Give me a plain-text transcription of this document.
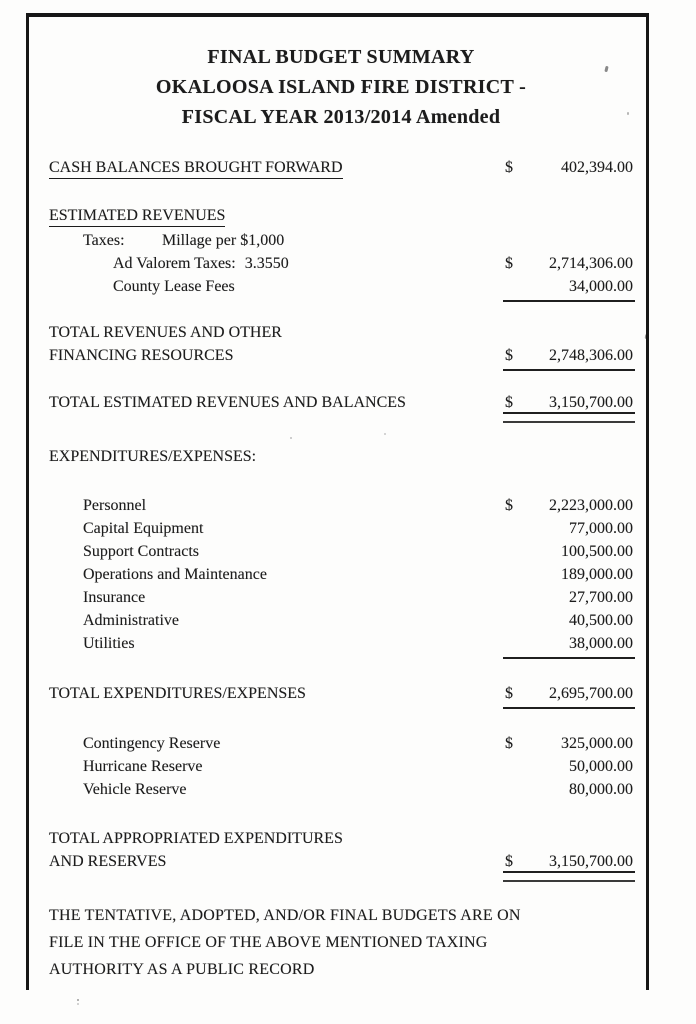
FINAL BUDGET SUMMARY
OKALOOSA ISLAND FIRE DISTRICT -
FISCAL YEAR 2013/2014 Amended
CASH BALANCES BROUGHT FORWARD	$	402,394.00
ESTIMATED REVENUES
Taxes: Millage per $1,000
Ad Valorem Taxes: 3.3550	$	2,714,306.00
County Lease Fees	34,000.00
TOTAL REVENUES AND OTHER
FINANCING RESOURCES	$	2,748,306.00
TOTAL ESTIMATED REVENUES AND BALANCES	$	3,150,700.00
EXPENDITURES/EXPENSES:
Personnel	$	2,223,000.00
Capital Equipment	77,000.00
Support Contracts	100,500.00
Operations and Maintenance	189,000.00
Insurance	27,700.00
Administrative	40,500.00
Utilities	38,000.00
TOTAL EXPENDITURES/EXPENSES	$	2,695,700.00
Contingency Reserve	$	325,000.00
Hurricane Reserve	50,000.00
Vehicle Reserve	80,000.00
TOTAL APPROPRIATED EXPENDITURES
AND RESERVES	$	3,150,700.00
THE TENTATIVE, ADOPTED, AND/OR FINAL BUDGETS ARE ON
FILE IN THE OFFICE OF THE ABOVE MENTIONED TAXING
AUTHORITY AS A PUBLIC RECORD
